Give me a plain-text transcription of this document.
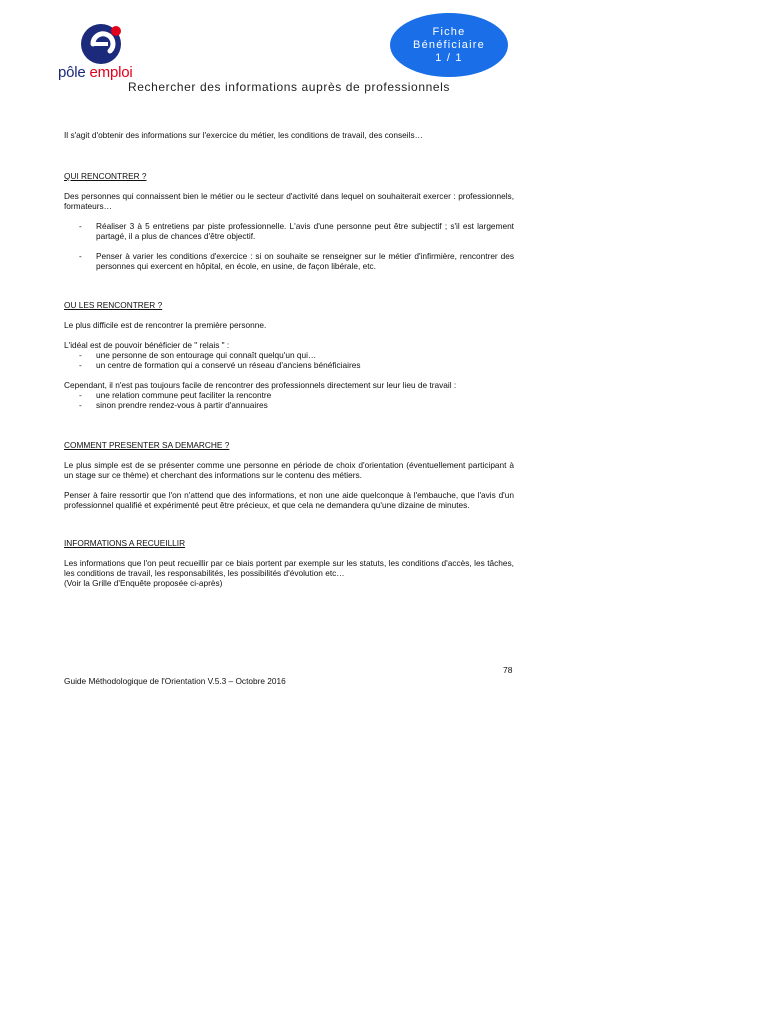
pôle emploi
Fiche
Bénéficiaire
1 / 1
Rechercher des informations auprès de professionnels

Il s'agit d'obtenir des informations sur l'exercice du métier, les conditions de travail, des conseils…

QUI RENCONTRER ?

Des personnes qui connaissent bien le métier ou le secteur d'activité dans lequel on souhaiterait exercer : professionnels, formateurs…

- Réaliser 3 à 5 entretiens par piste professionnelle. L'avis d'une personne peut être subjectif ; s'il est largement partagé, il a plus de chances d'être objectif.
- Penser à varier les conditions d'exercice : si on souhaite se renseigner sur le métier d'infirmière, rencontrer des personnes qui exercent en hôpital, en école, en usine, de façon libérale, etc.

OU LES RENCONTRER ?

Le plus difficile est de rencontrer la première personne.

L'idéal est de pouvoir bénéficier de " relais " :

- une personne de son entourage qui connaît quelqu'un qui…
- un centre de formation qui a conservé un réseau d'anciens bénéficiaires

Cependant, il n'est pas toujours facile de rencontrer des professionnels directement sur leur lieu de travail :

- une relation commune peut faciliter la rencontre
- sinon prendre rendez-vous à partir d'annuaires

COMMENT PRESENTER SA DEMARCHE ?

Le plus simple est de se présenter comme une personne en période de choix d'orientation (éventuellement participant à un stage sur ce thème) et cherchant des informations sur le contenu des métiers.

Penser à faire ressortir que l'on n'attend que des informations, et non une aide quelconque à l'embauche, que l'avis d'un professionnel qualifié et expérimenté peut être précieux, et que cela ne demandera qu'une dizaine de minutes.

INFORMATIONS A RECUEILLIR

Les informations que l'on peut recueillir par ce biais portent par exemple sur les statuts, les conditions d'accès, les tâches, les conditions de travail, les responsabilités, les possibilités d'évolution etc…

(Voir la Grille d'Enquête proposée ci-après)

78
Guide Méthodologique de l'Orientation V.5.3 – Octobre 2016
